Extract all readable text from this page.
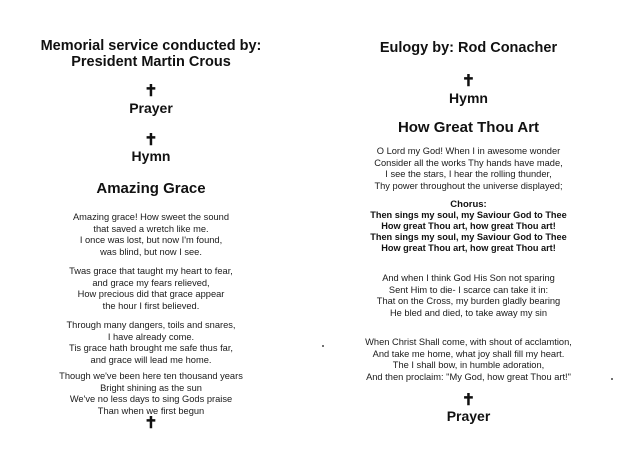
Memorial service conducted by:
President Martin Crous
✝
Prayer
✝
Hymn
Amazing Grace
Amazing grace! How sweet the sound
that saved a wretch like me.
I once was lost, but now I'm found,
was blind, but now I see.
Twas grace that taught my heart to fear,
and grace my fears relieved,
How precious did that grace appear
the hour I first believed.
Through many dangers, toils and snares,
I have already come.
Tis grace hath brought me safe thus far,
and grace will lead me home.
Though we've been here ten thousand years
Bright shining as the sun
We've no less days to sing Gods praise
Than when we first begun
✝
Eulogy by: Rod Conacher
✝
Hymn
How Great Thou Art
O Lord my God! When I in awesome wonder
Consider all the works Thy hands have made,
I see the stars, I hear the rolling thunder,
Thy power throughout the universe displayed;
Chorus:
Then sings my soul, my Saviour God to Thee
How great Thou art, how great Thou art!
Then sings my soul, my Saviour God to Thee
How great Thou art, how great Thou art!
And when I think God His Son not sparing
Sent Him to die- I scarce can take it in:
That on the Cross, my burden gladly bearing
He bled and died, to take away my sin
When Christ Shall come, with shout of acclamtion,
And take me home, what joy shall fill my heart.
The I shall bow, in humble adoration,
And then proclaim: "My God, how great Thou art!"
✝
Prayer
